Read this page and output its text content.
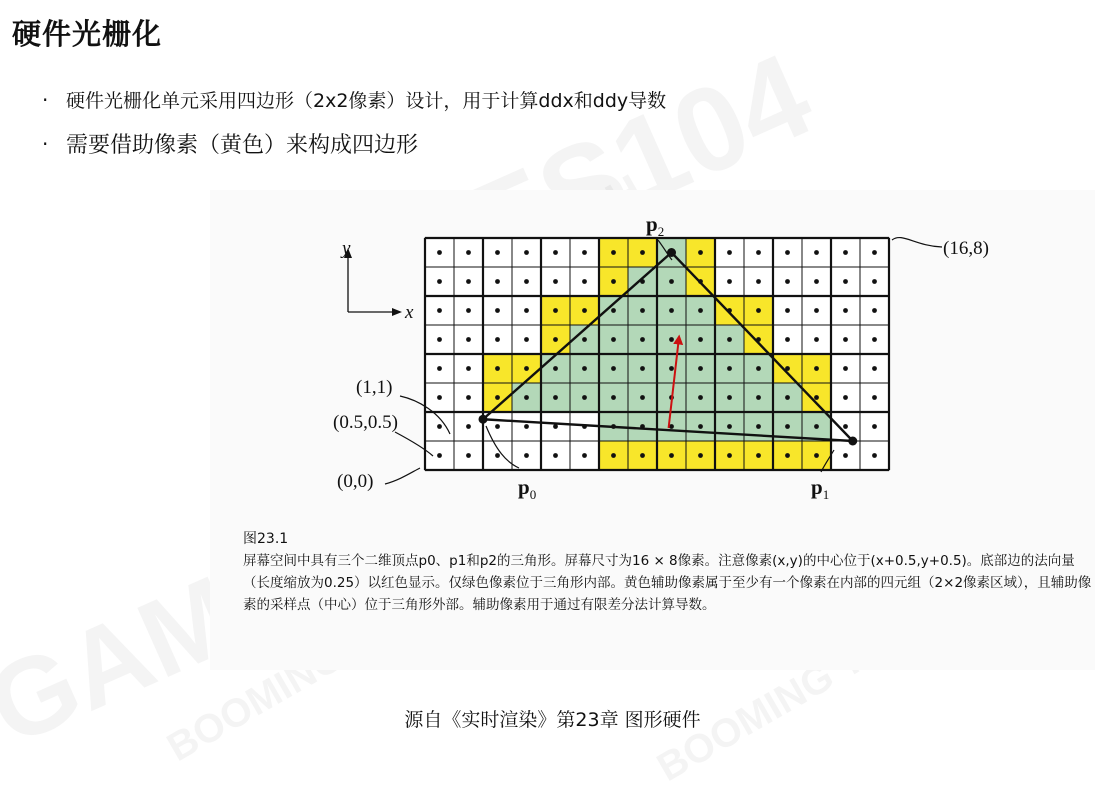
硬件光栅化
· 硬件光栅化单元采用四边形（2x2像素）设计，用于计算ddx和ddy导数
· 需要借助像素（黄色）来构成四边形
y
x
(16,8)
(1,1)
(0.5,0.5)
(0,0)	$p_0$	$p_1$
$p_2$
图23.1
屏幕空间中具有三个二维顶点p0、p1和p2的三角形。屏幕尺寸为16 × 8像素。注意像素(x,y)的中心位于(x+0.5,y+0.5)。底部边的法向量（长度缩放为0.25）以红色显示。仅绿色像素位于三角形内部。黄色辅助像素属于至少有一个像素在内部的四元组（2×2像素区域），且辅助像素的采样点（中心）位于三角形外部。辅助像素用于通过有限差分法计算导数。
源自《实时渲染》第23章 图形硬件
